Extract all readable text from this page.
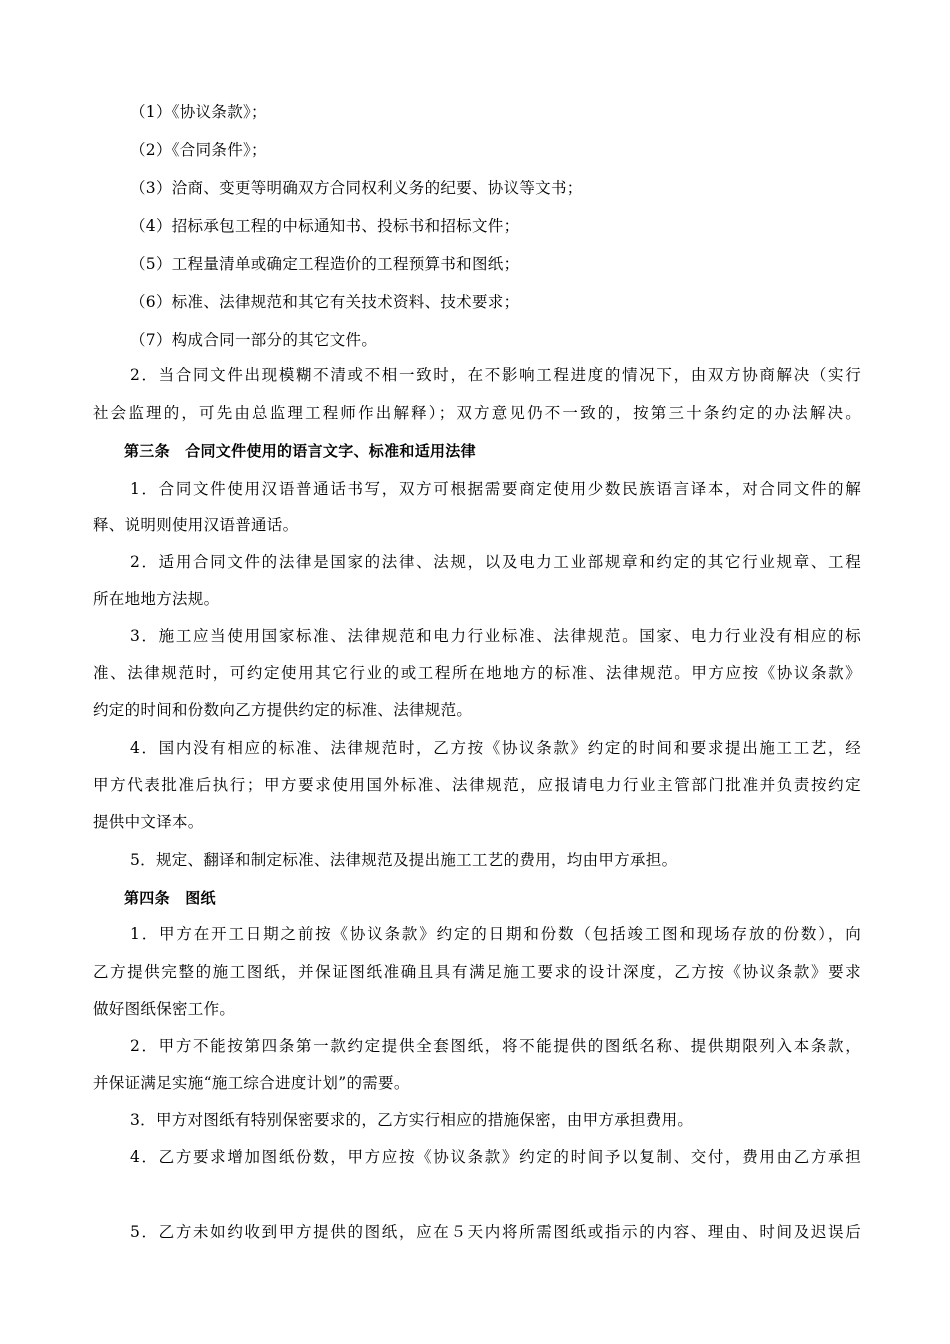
（1）《协议条款》；
（2）《合同条件》；
（3）洽商、变更等明确双方合同权利义务的纪要、协议等文书；
（4）招标承包工程的中标通知书、投标书和招标文件；
（5）工程量清单或确定工程造价的工程预算书和图纸；
（6）标准、法律规范和其它有关技术资料、技术要求；
（7）构成合同一部分的其它文件。
2．当合同文件出现模糊不清或不相一致时，在不影响工程进度的情况下，由双方协商解决（实行
社会监理的，可先由总监理工程师作出解释）；双方意见仍不一致的，按第三十条约定的办法解决。
第三条　合同文件使用的语言文字、标准和适用法律
1．合同文件使用汉语普通话书写，双方可根据需要商定使用少数民族语言译本，对合同文件的解
释、说明则使用汉语普通话。
2．适用合同文件的法律是国家的法律、法规，以及电力工业部规章和约定的其它行业规章、工程
所在地地方法规。
3．施工应当使用国家标准、法律规范和电力行业标准、法律规范。国家、电力行业没有相应的标
准、法律规范时，可约定使用其它行业的或工程所在地地方的标准、法律规范。甲方应按《协议条款》
约定的时间和份数向乙方提供约定的标准、法律规范。
4．国内没有相应的标准、法律规范时，乙方按《协议条款》约定的时间和要求提出施工工艺，经
甲方代表批准后执行；甲方要求使用国外标准、法律规范，应报请电力行业主管部门批准并负责按约定
提供中文译本。
5．规定、翻译和制定标准、法律规范及提出施工工艺的费用，均由甲方承担。
第四条　图纸
1．甲方在开工日期之前按《协议条款》约定的日期和份数（包括竣工图和现场存放的份数），向
乙方提供完整的施工图纸，并保证图纸准确且具有满足施工要求的设计深度，乙方按《协议条款》要求
做好图纸保密工作。
2．甲方不能按第四条第一款约定提供全套图纸，将不能提供的图纸名称、提供期限列入本条款，
并保证满足实施“施工综合进度计划”的需要。
3．甲方对图纸有特别保密要求的，乙方实行相应的措施保密，由甲方承担费用。
4．乙方要求增加图纸份数，甲方应按《协议条款》约定的时间予以复制、交付，费用由乙方承担
5．乙方未如约收到甲方提供的图纸，应在５天内将所需图纸或指示的内容、理由、时间及迟误后
